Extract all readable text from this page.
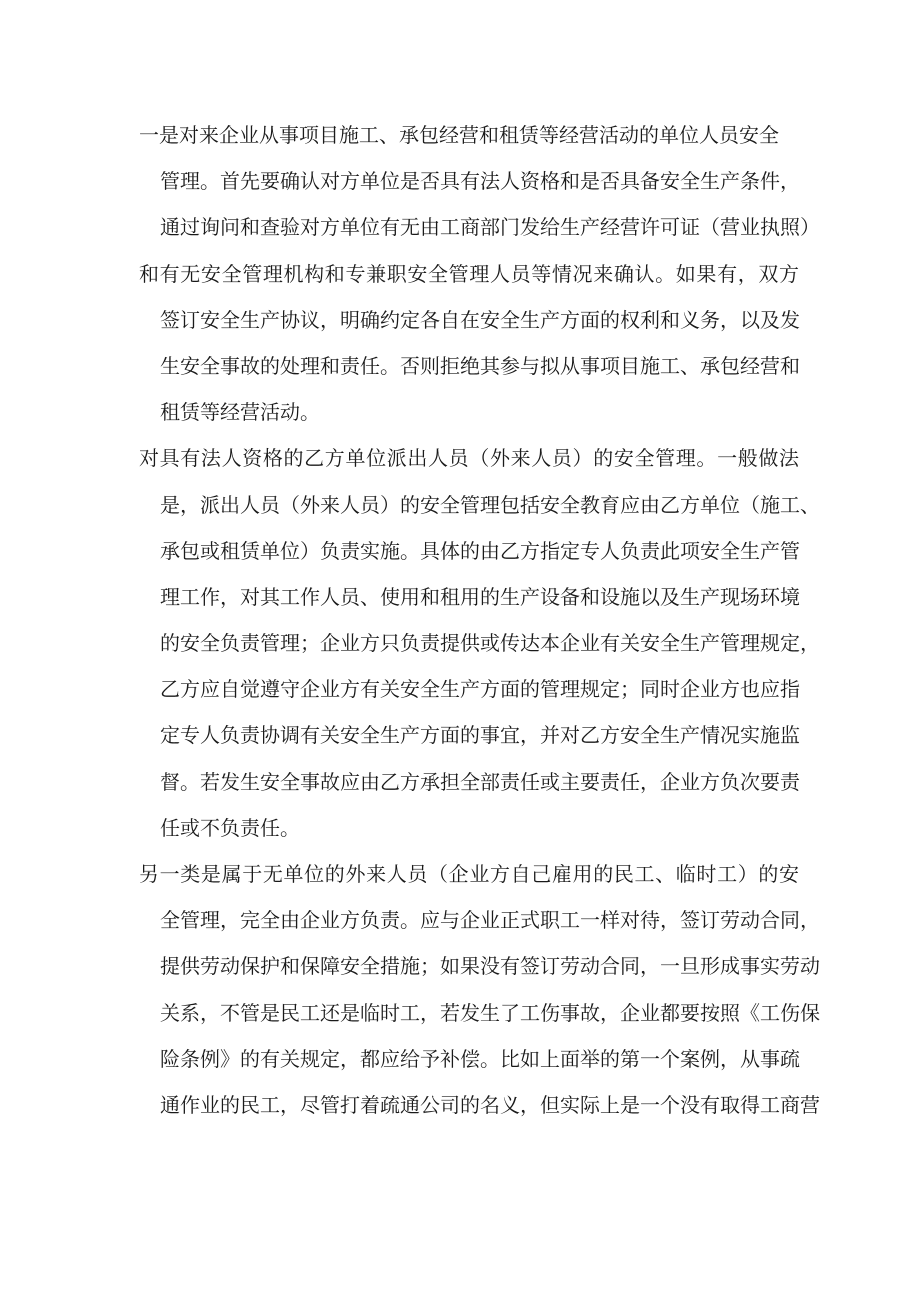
一是对来企业从事项目施工、承包经营和租赁等经营活动的单位人员安全
管理。首先要确认对方单位是否具有法人资格和是否具备安全生产条件，
通过询问和查验对方单位有无由工商部门发给生产经营许可证（营业执照）
和有无安全管理机构和专兼职安全管理人员等情况来确认。如果有，双方
签订安全生产协议，明确约定各自在安全生产方面的权利和义务，以及发
生安全事故的处理和责任。否则拒绝其参与拟从事项目施工、承包经营和
租赁等经营活动。
对具有法人资格的乙方单位派出人员（外来人员）的安全管理。一般做法
是，派出人员（外来人员）的安全管理包括安全教育应由乙方单位（施工、
承包或租赁单位）负责实施。具体的由乙方指定专人负责此项安全生产管
理工作，对其工作人员、使用和租用的生产设备和设施以及生产现场环境
的安全负责管理；企业方只负责提供或传达本企业有关安全生产管理规定，
乙方应自觉遵守企业方有关安全生产方面的管理规定；同时企业方也应指
定专人负责协调有关安全生产方面的事宜，并对乙方安全生产情况实施监
督。若发生安全事故应由乙方承担全部责任或主要责任，企业方负次要责
任或不负责任。
另一类是属于无单位的外来人员（企业方自己雇用的民工、临时工）的安
全管理，完全由企业方负责。应与企业正式职工一样对待，签订劳动合同，
提供劳动保护和保障安全措施；如果没有签订劳动合同，一旦形成事实劳动
关系，不管是民工还是临时工，若发生了工伤事故，企业都要按照《工伤保
险条例》的有关规定，都应给予补偿。比如上面举的第一个案例，从事疏
通作业的民工，尽管打着疏通公司的名义，但实际上是一个没有取得工商营
